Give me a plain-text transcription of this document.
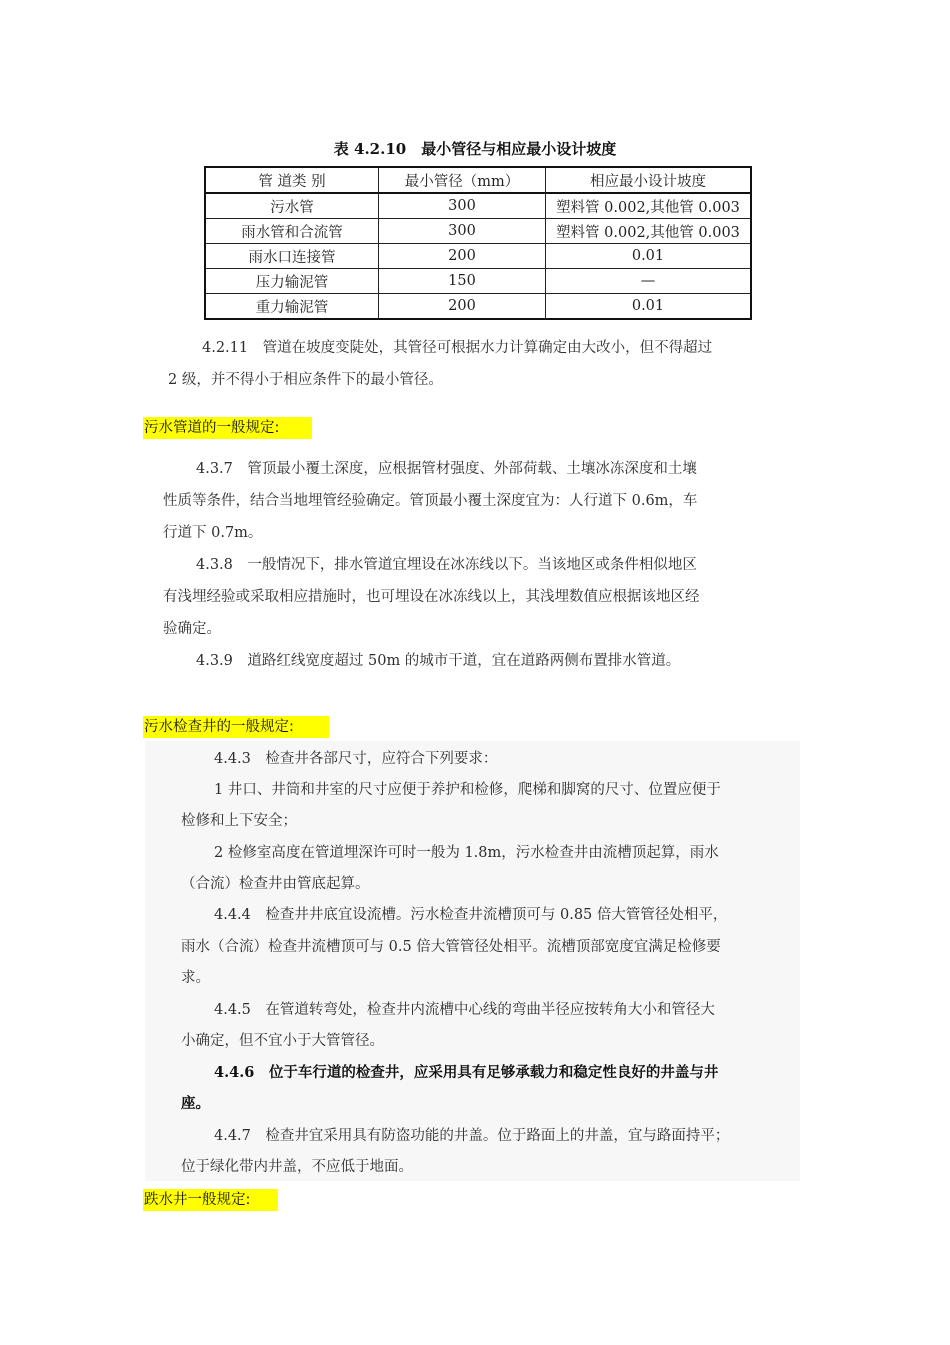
表 4.2.10　最小管径与相应最小设计坡度
管 道类 别	最小管径（mm）	相应最小设计坡度
污水管	300	塑料管 0.002,其他管 0.003
雨水管和合流管	300	塑料管 0.002,其他管 0.003
雨水口连接管	200	0.01
压力输泥管	150	—
重力输泥管	200	0.01
4.2.11　管道在坡度变陡处，其管径可根据水力计算确定由大改小，但不得超过
2 级，并不得小于相应条件下的最小管径。
污水管道的一般规定:
4.3.7　管顶最小覆土深度，应根据管材强度、外部荷载、土壤冰冻深度和土壤
性质等条件，结合当地埋管经验确定。管顶最小覆土深度宜为：人行道下 0.6m，车
行道下 0.7m。
4.3.8　一般情况下，排水管道宜埋设在冰冻线以下。当该地区或条件相似地区
有浅埋经验或采取相应措施时，也可埋设在冰冻线以上，其浅埋数值应根据该地区经
验确定。
4.3.9　道路红线宽度超过 50m 的城市干道，宜在道路两侧布置排水管道。
污水检查井的一般规定:
4.4.3　检查井各部尺寸，应符合下列要求：
1 井口、井筒和井室的尺寸应便于养护和检修，爬梯和脚窝的尺寸、位置应便于
检修和上下安全；
2 检修室高度在管道埋深许可时一般为 1.8m，污水检查井由流槽顶起算，雨水
（合流）检查井由管底起算。
4.4.4　检查井井底宜设流槽。污水检查井流槽顶可与 0.85 倍大管管径处相平，
雨水（合流）检查井流槽顶可与 0.5 倍大管管径处相平。流槽顶部宽度宜满足检修要
求。
4.4.5　在管道转弯处，检查井内流槽中心线的弯曲半径应按转角大小和管径大
小确定，但不宜小于大管管径。
4.4.6　位于车行道的检查井，应采用具有足够承载力和稳定性良好的井盖与井
座。
4.4.7　检查井宜采用具有防盗功能的井盖。位于路面上的井盖，宜与路面持平；
位于绿化带内井盖，不应低于地面。
跌水井一般规定:
